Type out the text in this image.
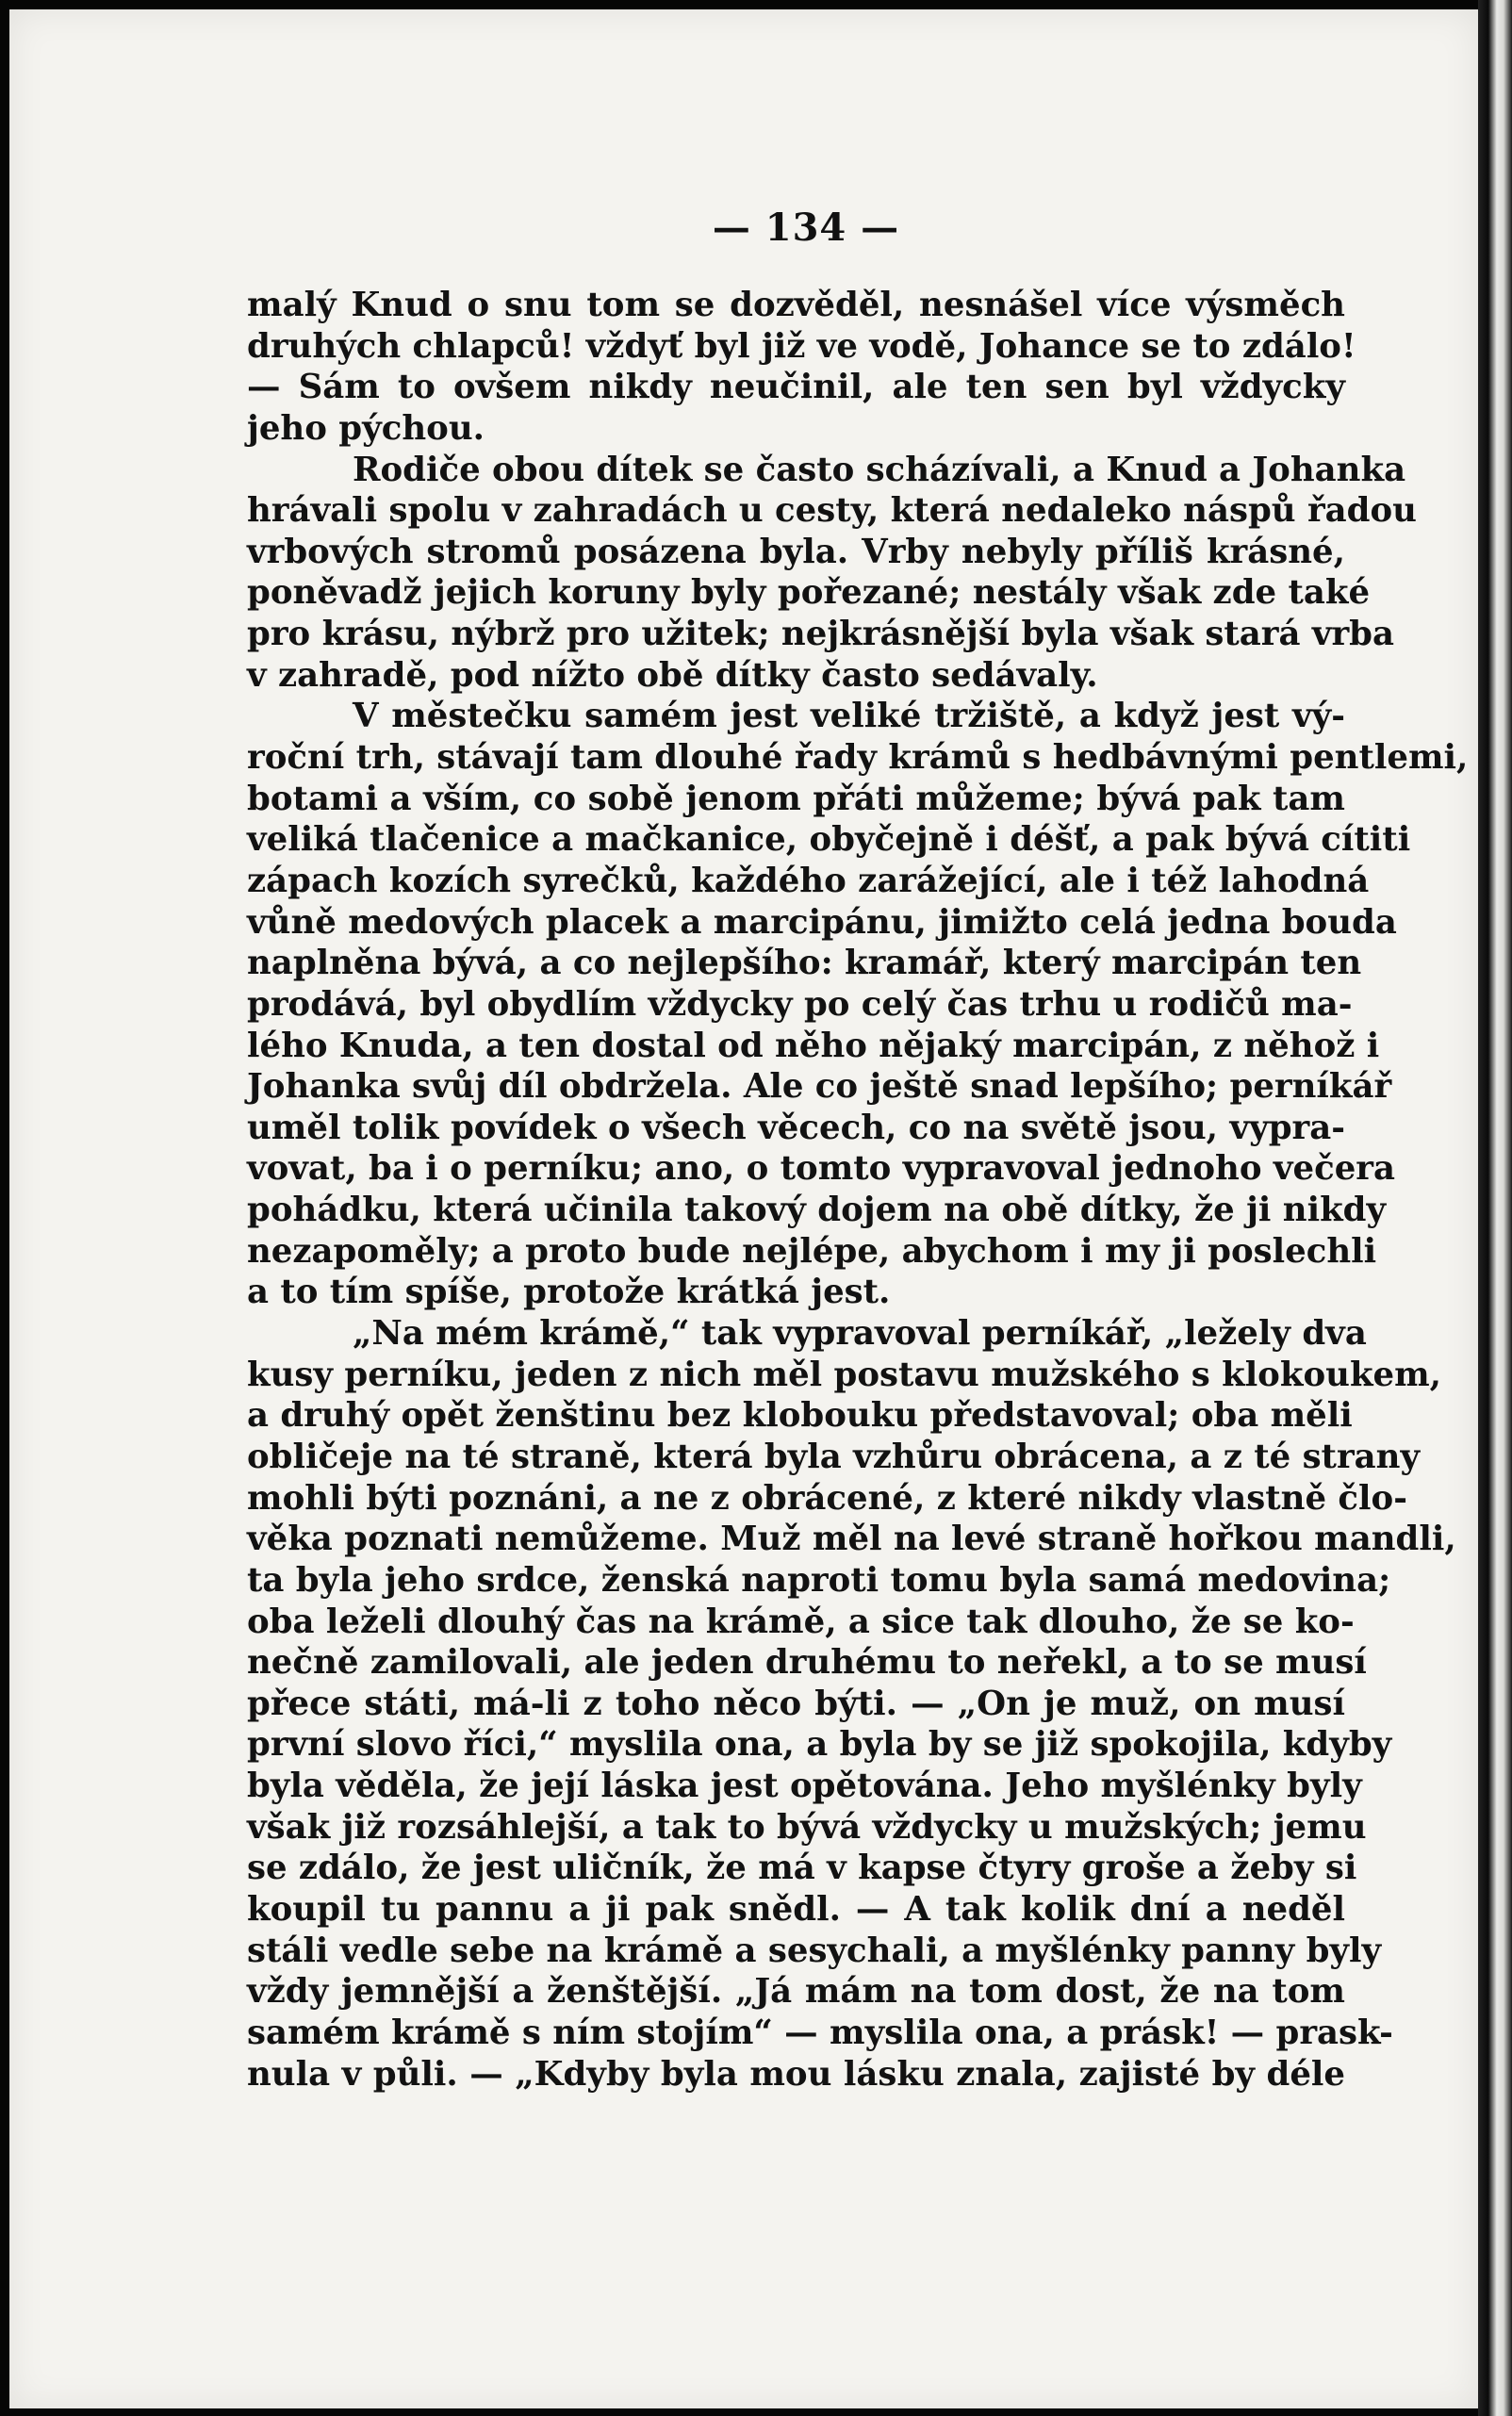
— 134 —
malý Knud o snu tom se dozvěděl, nesnášel více výsměch
druhých chlapců! vždyť byl již ve vodě, Johance se to zdálo!
— Sám to ovšem nikdy neučinil, ale ten sen byl vždycky
jeho pýchou.
Rodiče obou dítek se často scházívali, a Knud a Johanka
hrávali spolu v zahradách u cesty, která nedaleko náspů řadou
vrbových stromů posázena byla. Vrby nebyly příliš krásné,
poněvadž jejich koruny byly pořezané; nestály však zde také
pro krásu, nýbrž pro užitek; nejkrásnější byla však stará vrba
v zahradě, pod nížto obě dítky často sedávaly.
V městečku samém jest veliké tržiště, a když jest vý-
roční trh, stávají tam dlouhé řady krámů s hedbávnými pentlemi,
botami a vším, co sobě jenom přáti můžeme; bývá pak tam
veliká tlačenice a mačkanice, obyčejně i déšť, a pak bývá cítiti
zápach kozích syrečků, každého zarážející, ale i též lahodná
vůně medových placek a marcipánu, jimižto celá jedna bouda
naplněna bývá, a co nejlepšího: kramář, který marcipán ten
prodává, byl obydlím vždycky po celý čas trhu u rodičů ma-
lého Knuda, a ten dostal od něho nějaký marcipán, z něhož i
Johanka svůj díl obdržela. Ale co ještě snad lepšího; perníkář
uměl tolik povídek o všech věcech, co na světě jsou, vypra-
vovat, ba i o perníku; ano, o tomto vypravoval jednoho večera
pohádku, která učinila takový dojem na obě dítky, že ji nikdy
nezapoměly; a proto bude nejlépe, abychom i my ji poslechli
a to tím spíše, protože krátká jest.
„Na mém krámě,“ tak vypravoval perníkář, „ležely dva
kusy perníku, jeden z nich měl postavu mužského s klokoukem,
a druhý opět ženštinu bez klobouku představoval; oba měli
obličeje na té straně, která byla vzhůru obrácena, a z té strany
mohli býti poznáni, a ne z obrácené, z které nikdy vlastně člo-
věka poznati nemůžeme. Muž měl na levé straně hořkou mandli,
ta byla jeho srdce, ženská naproti tomu byla samá medovina;
oba leželi dlouhý čas na krámě, a sice tak dlouho, že se ko-
nečně zamilovali, ale jeden druhému to neřekl, a to se musí
přece státi, má-li z toho něco býti. — „On je muž, on musí
první slovo říci,“ myslila ona, a byla by se již spokojila, kdyby
byla věděla, že její láska jest opětována. Jeho myšlénky byly
však již rozsáhlejší, a tak to bývá vždycky u mužských; jemu
se zdálo, že jest uličník, že má v kapse čtyry groše a žeby si
koupil tu pannu a ji pak snědl. — A tak kolik dní a neděl
stáli vedle sebe na krámě a sesychali, a myšlénky panny byly
vždy jemnější a ženštější. „Já mám na tom dost, že na tom
samém krámě s ním stojím“ — myslila ona, a prásk! — prask-
nula v půli. — „Kdyby byla mou lásku znala, zajisté by déle
